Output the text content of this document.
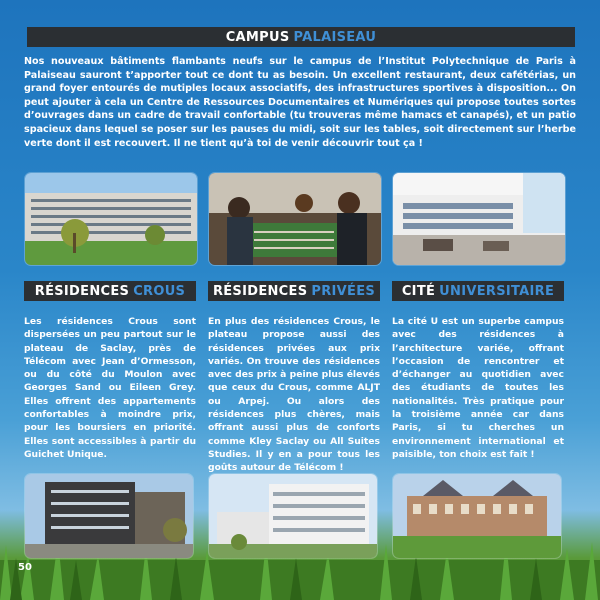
CAMPUS PALAISEAU
Nos nouveaux bâtiments flambants neufs sur le campus de l’Institut Polytechnique de Paris à Palaiseau sauront t’apporter tout ce dont tu as besoin. Un excellent restaurant, deux cafétérias, un grand foyer entourés de mutiples locaux associatifs, des infrastructures sportives à disposition... On peut ajouter à cela un Centre de Ressources Documentaires et Numériques qui propose toutes sortes d’ouvrages dans un cadre de travail confortable (tu trouveras même hamacs et canapés), et un patio spacieux dans lequel se poser sur les pauses du midi, soit sur les tables, soit directement sur l’herbe verte dont il est recouvert. Il ne tient qu’à toi de venir découvrir tout ça !
RÉSIDENCES CROUS RÉSIDENCES PRIVÉES CITÉ UNIVERSITAIRE
Les résidences Crous sont dispersées un peu partout sur le plateau de Saclay, près de Télécom avec Jean d’Ormesson, ou du côté du Moulon avec Georges Sand ou Eileen Grey. Elles offrent des appartements confortables à moindre prix, pour les boursiers en priorité. Elles sont accessibles à partir du Guichet Unique.
En plus des résidences Crous, le plateau propose aussi des résidences privées aux prix variés. On trouve des résidences avec des prix à peine plus élevés que ceux du Crous, comme ALJT ou Arpej. Ou alors des résidences plus chères, mais offrant aussi plus de conforts comme Kley Saclay ou All Suites Studies. Il y en a pour tous les goûts autour de Télécom !
La cité U est un superbe campus avec des résidences à l’architecture variée, offrant l’occasion de rencontrer et d’échanger au quotidien avec des étudiants de toutes les nationalités. Très pratique pour la troisième année car dans Paris, si tu cherches un environnement international et paisible, ton choix est fait !
50
